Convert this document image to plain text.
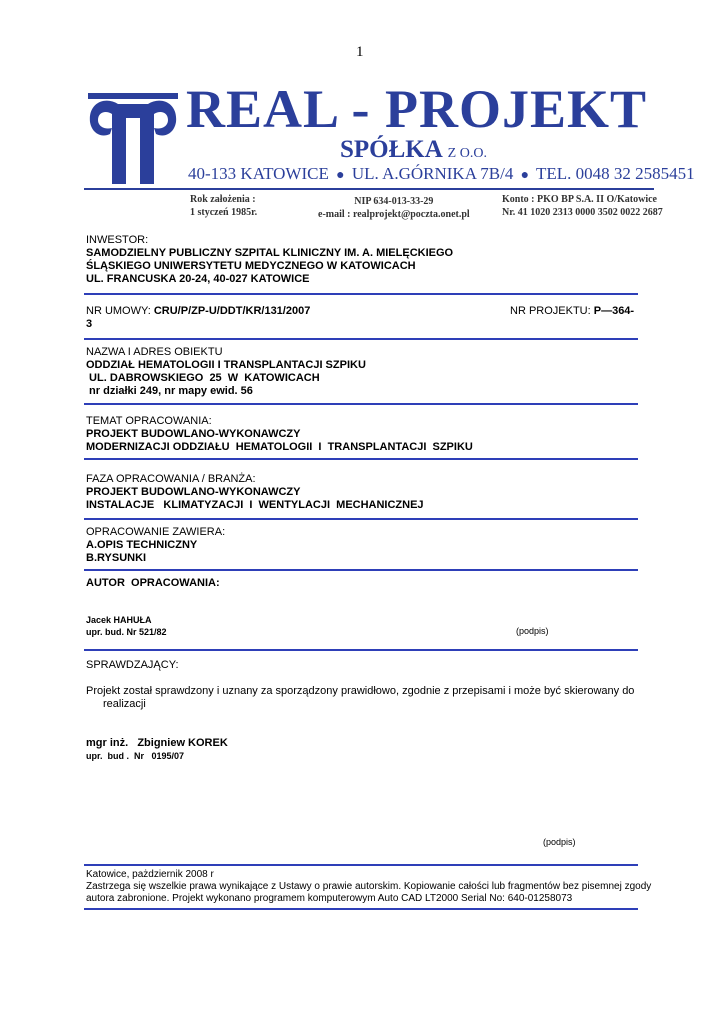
1
REAL - PROJEKT
SPÓŁKA Z O.O.
40-133 KATOWICE ● UL. A.GÓRNIKA 7B/4 ● TEL. 0048 32 2585451
Rok założenia :
1 styczeń 1985r.
NIP 634-013-33-29
e-mail : realprojekt@poczta.onet.pl
Konto : PKO BP S.A. II O/Katowice
Nr. 41 1020 2313 0000 3502 0022 2687
INWESTOR:
SAMODZIELNY PUBLICZNY SZPITAL KLINICZNY IM. A. MIELĘCKIEGO
ŚLĄSKIEGO UNIWERSYTETU MEDYCZNEGO W KATOWICACH
UL. FRANCUSKA 20-24, 40-027 KATOWICE
NR UMOWY: CRU/P/ZP-U/DDT/KR/131/2007
3
NR PROJEKTU: P—364-
NAZWA I ADRES OBIEKTU
ODDZIAŁ HEMATOLOGII I TRANSPLANTACJI SZPIKU
UL. DABROWSKIEGO  25  W  KATOWICACH
nr działki 249, nr mapy ewid. 56
TEMAT OPRACOWANIA:
PROJEKT BUDOWLANO-WYKONAWCZY
MODERNIZACJI ODDZIAŁU  HEMATOLOGII  I  TRANSPLANTACJI  SZPIKU
FAZA OPRACOWANIA / BRANŻA:
PROJEKT BUDOWLANO-WYKONAWCZY
INSTALACJE   KLIMATYZACJI  I  WENTYLACJI  MECHANICZNEJ
OPRACOWANIE ZAWIERA:
A.OPIS TECHNICZNY
B.RYSUNKI
AUTOR  OPRACOWANIA:
Jacek HAHUŁA
upr. bud. Nr 521/82	(podpis)
SPRAWDZAJĄCY:
Projekt został sprawdzony i uznany za sporządzony prawidłowo, zgodnie z przepisami i może być skierowany do
realizacji
mgr inż.   Zbigniew KOREK
upr.  bud .  Nr   0195/07
(podpis)
Katowice, pażdziernik 2008 r
Zastrzega się wszelkie prawa wynikające z Ustawy o prawie autorskim. Kopiowanie całości lub fragmentów bez pisemnej zgody
autora zabronione. Projekt wykonano programem komputerowym Auto CAD LT2000 Serial No: 640-01258073
